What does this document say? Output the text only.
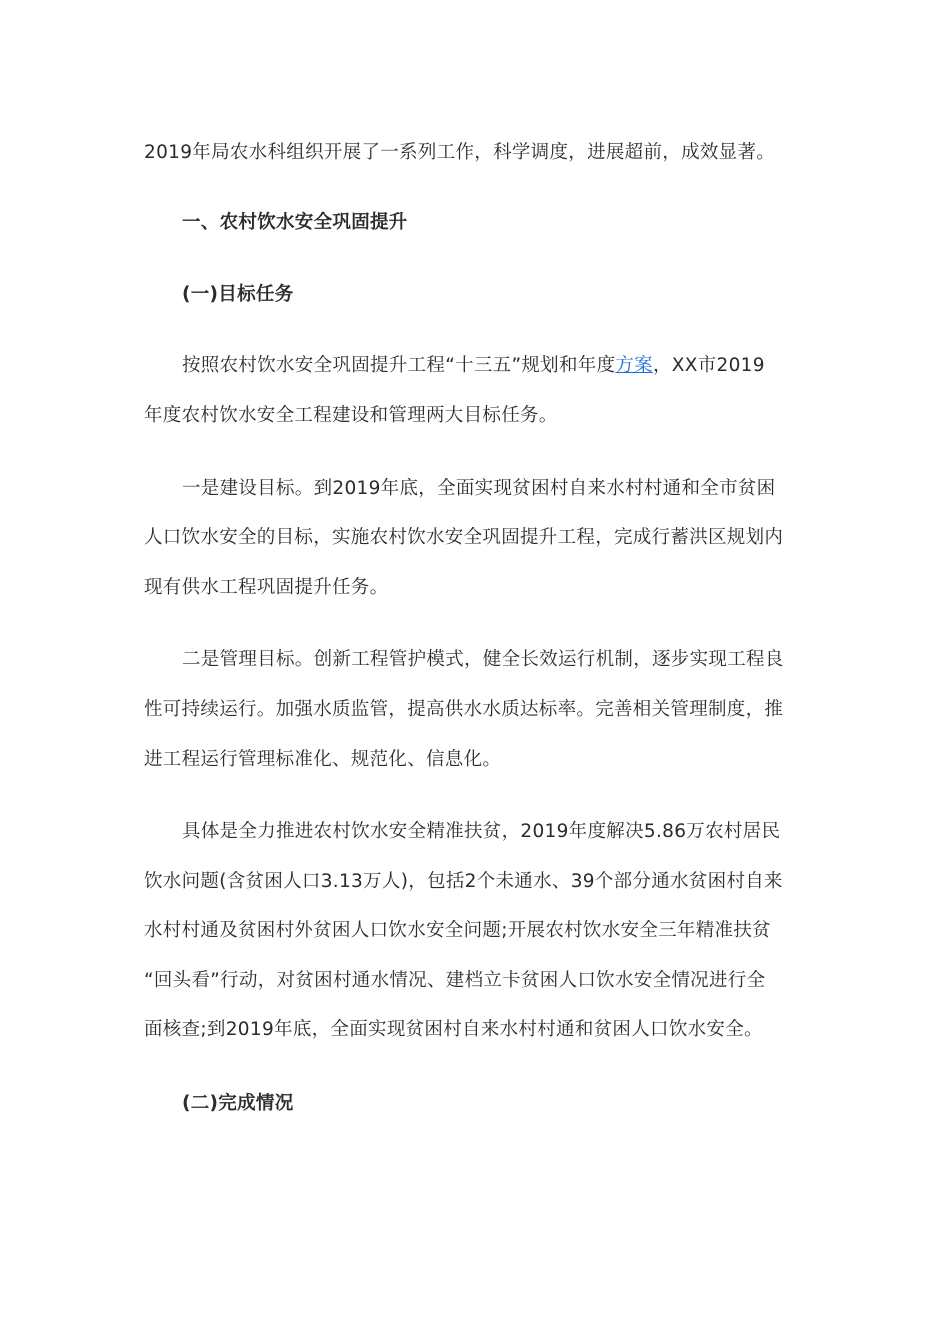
2019年局农水科组织开展了一系列工作，科学调度，进展超前，成效显著。
一、农村饮水安全巩固提升
(一)目标任务
按照农村饮水安全巩固提升工程“十三五”规划和年度方案，XX市2019
年度农村饮水安全工程建设和管理两大目标任务。
一是建设目标。到2019年底，全面实现贫困村自来水村村通和全市贫困
人口饮水安全的目标，实施农村饮水安全巩固提升工程，完成行蓄洪区规划内
现有供水工程巩固提升任务。
二是管理目标。创新工程管护模式，健全长效运行机制，逐步实现工程良
性可持续运行。加强水质监管，提高供水水质达标率。完善相关管理制度，推
进工程运行管理标准化、规范化、信息化。
具体是全力推进农村饮水安全精准扶贫，2019年度解决5.86万农村居民
饮水问题(含贫困人口3.13万人)，包括2个未通水、39个部分通水贫困村自来
水村村通及贫困村外贫困人口饮水安全问题;开展农村饮水安全三年精准扶贫
“回头看”行动，对贫困村通水情况、建档立卡贫困人口饮水安全情况进行全
面核查;到2019年底，全面实现贫困村自来水村村通和贫困人口饮水安全。
(二)完成情况
